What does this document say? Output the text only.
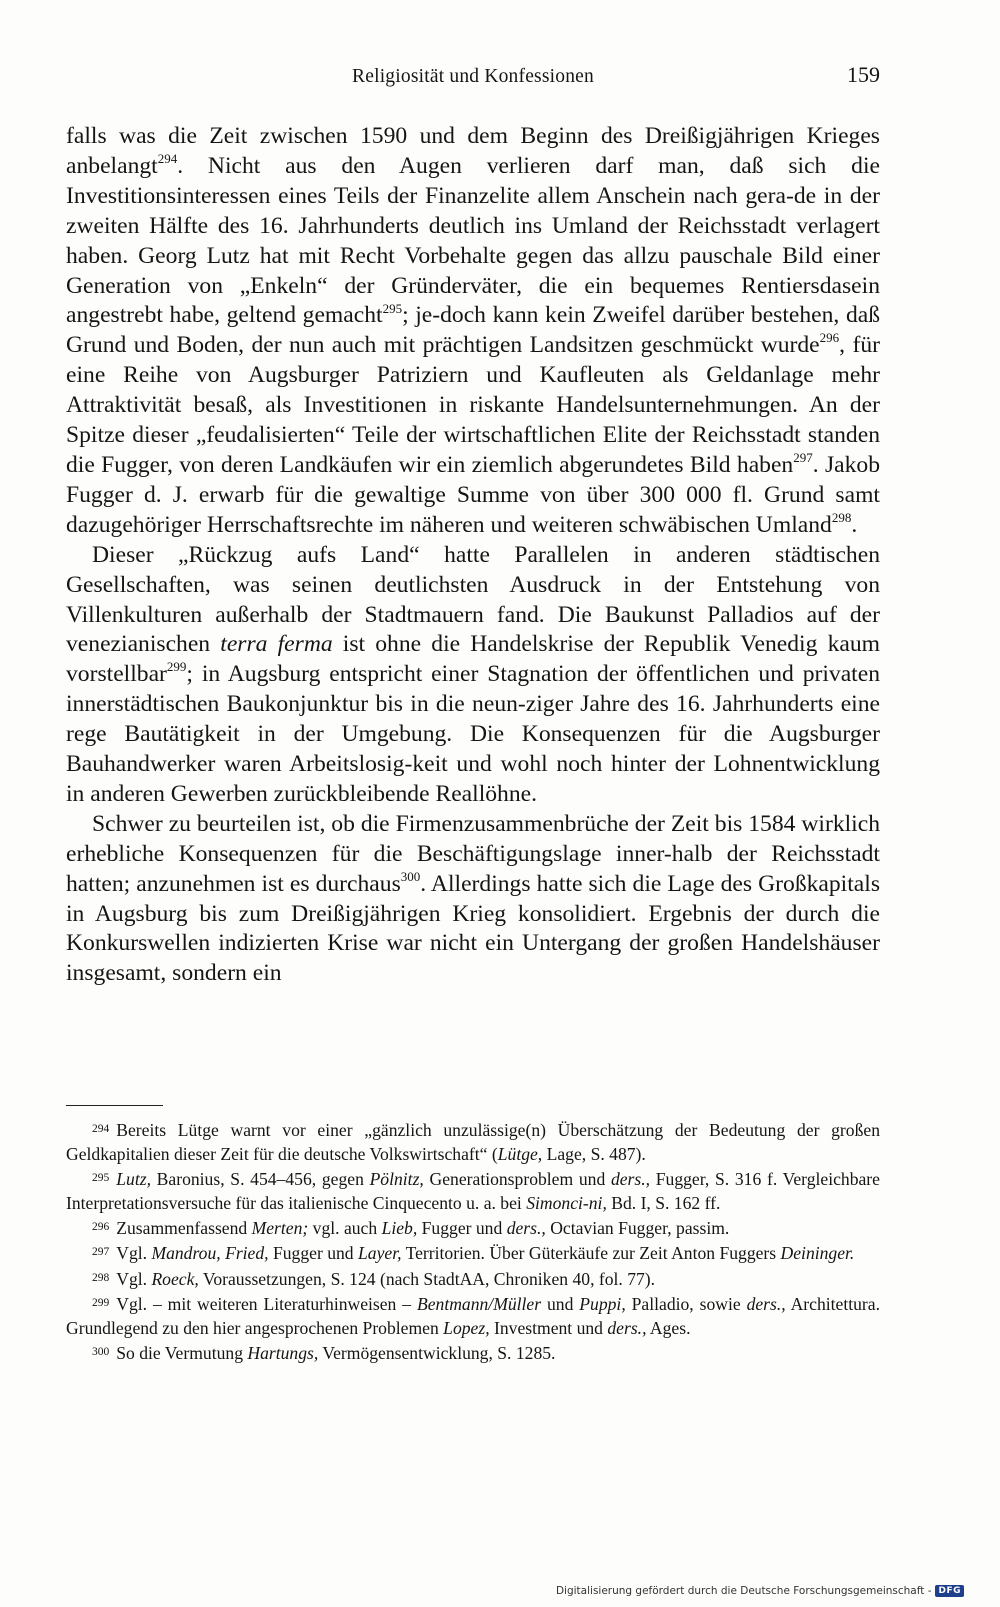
Religiosität und Konfessionen	159

falls was die Zeit zwischen 1590 und dem Beginn des Dreißigjährigen Krieges anbelangt$^{294}$. Nicht aus den Augen verlieren darf man, daß sich die Investitionsinteressen eines Teils der Finanzelite allem Anschein nach gera-de in der zweiten Hälfte des 16. Jahrhunderts deutlich ins Umland der Reichsstadt verlagert haben. Georg Lutz hat mit Recht Vorbehalte gegen das allzu pauschale Bild einer Generation von „Enkeln“ der Gründerväter, die ein bequemes Rentiersdasein angestrebt habe, geltend gemacht$^{295}$; je-doch kann kein Zweifel darüber bestehen, daß Grund und Boden, der nun auch mit prächtigen Landsitzen geschmückt wurde$^{296}$, für eine Reihe von Augsburger Patriziern und Kaufleuten als Geldanlage mehr Attraktivität besaß, als Investitionen in riskante Handelsunternehmungen. An der Spitze dieser „feudalisierten“ Teile der wirtschaftlichen Elite der Reichsstadt standen die Fugger, von deren Landkäufen wir ein ziemlich abgerundetes Bild haben$^{297}$. Jakob Fugger d. J. erwarb für die gewaltige Summe von über 300 000 fl. Grund samt dazugehöriger Herrschaftsrechte im näheren und weiteren schwäbischen Umland$^{298}$.

Dieser „Rückzug aufs Land“ hatte Parallelen in anderen städtischen Gesellschaften, was seinen deutlichsten Ausdruck in der Entstehung von Villenkulturen außerhalb der Stadtmauern fand. Die Baukunst Palladios auf der venezianischen terra ferma ist ohne die Handelskrise der Republik Venedig kaum vorstellbar$^{299}$; in Augsburg entspricht einer Stagnation der öffentlichen und privaten innerstädtischen Baukonjunktur bis in die neun-ziger Jahre des 16. Jahrhunderts eine rege Bautätigkeit in der Umgebung. Die Konsequenzen für die Augsburger Bauhandwerker waren Arbeitslosig-keit und wohl noch hinter der Lohnentwicklung in anderen Gewerben zurückbleibende Reallöhne.

Schwer zu beurteilen ist, ob die Firmenzusammenbrüche der Zeit bis 1584 wirklich erhebliche Konsequenzen für die Beschäftigungslage inner-halb der Reichsstadt hatten; anzunehmen ist es durchaus$^{300}$. Allerdings hatte sich die Lage des Großkapitals in Augsburg bis zum Dreißigjährigen Krieg konsolidiert. Ergebnis der durch die Konkurswellen indizierten Krise war nicht ein Untergang der großen Handelshäuser insgesamt, sondern ein

$^{294}$ Bereits Lütge warnt vor einer „gänzlich unzulässige(n) Überschätzung der Bedeutung der großen Geldkapitalien dieser Zeit für die deutsche Volkswirtschaft“ (Lütge, Lage, S. 487).

$^{295}$ Lutz, Baronius, S. 454–456, gegen Pölnitz, Generationsproblem und ders., Fugger, S. 316 f. Vergleichbare Interpretationsversuche für das italienische Cinquecento u. a. bei Simonci-ni, Bd. I, S. 162 ff.

$^{296}$ Zusammenfassend Merten; vgl. auch Lieb, Fugger und ders., Octavian Fugger, passim.

$^{297}$ Vgl. Mandrou, Fried, Fugger und Layer, Territorien. Über Güterkäufe zur Zeit Anton Fuggers Deininger.

$^{298}$ Vgl. Roeck, Voraussetzungen, S. 124 (nach StadtAA, Chroniken 40, fol. 77).

$^{299}$ Vgl. – mit weiteren Literaturhinweisen – Bentmann/Müller und Puppi, Palladio, sowie ders., Architettura. Grundlegend zu den hier angesprochenen Problemen Lopez, Investment und ders., Ages.

$^{300}$ So die Vermutung Hartungs, Vermögensentwicklung, S. 1285.

Digitalisierung gefördert durch die Deutsche Forschungsgemeinschaft - DFG
